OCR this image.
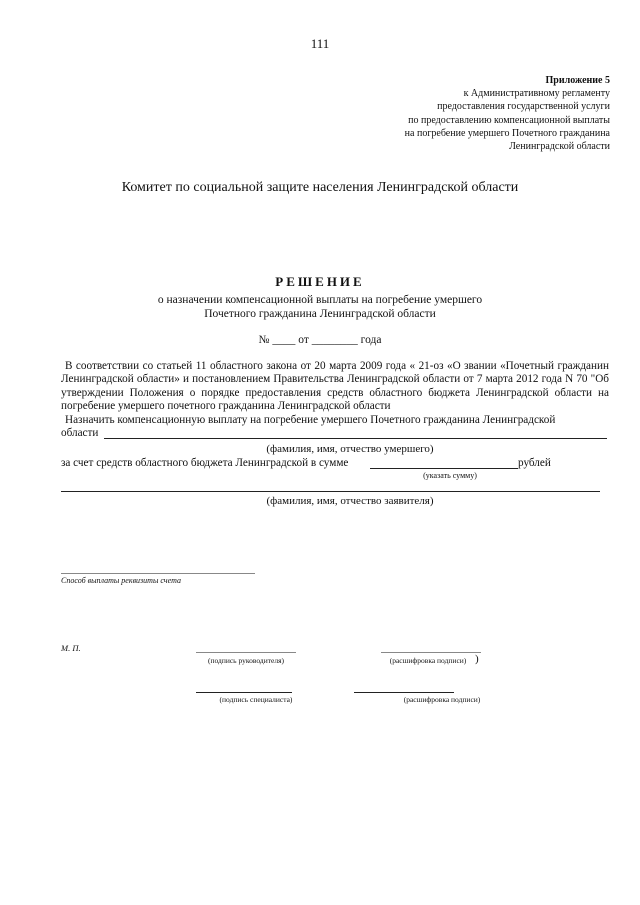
111
Приложение 5
к Административному регламенту
предоставления государственной услуги
по предоставлению компенсационной выплаты
на погребение умершего Почетного гражданина
Ленинградской области
Комитет по социальной защите населения Ленинградской области
РЕШЕНИЕ
о назначении компенсационной выплаты на погребение умершего
Почетного гражданина Ленинградской области
№ ____ от ________ года

В соответствии со статьей 11 областного закона от 20 марта 2009 года « 21-оз «О звании «Почетный гражданин Ленинградской области» и постановлением Правительства Ленинградской области от 7 марта 2012 года N 70 "Об утверждении Положения о порядке предоставления средств областного бюджета Ленинградской области на погребение умершего почетного гражданина Ленинградской области

Назначить компенсационную выплату на погребение умершего Почетного гражданина Ленинградской

области
(фамилия, имя, отчество умершего)
за счет средств областного бюджета Ленинградской в сумме	рублей
(указать сумму)
(фамилия, имя, отчество заявителя)
Способ выплаты реквизиты счета
М. П.
(подпись руководителя)	(расшифровка подписи) )
(подпись специалиста)	(расшифровка подписи)
